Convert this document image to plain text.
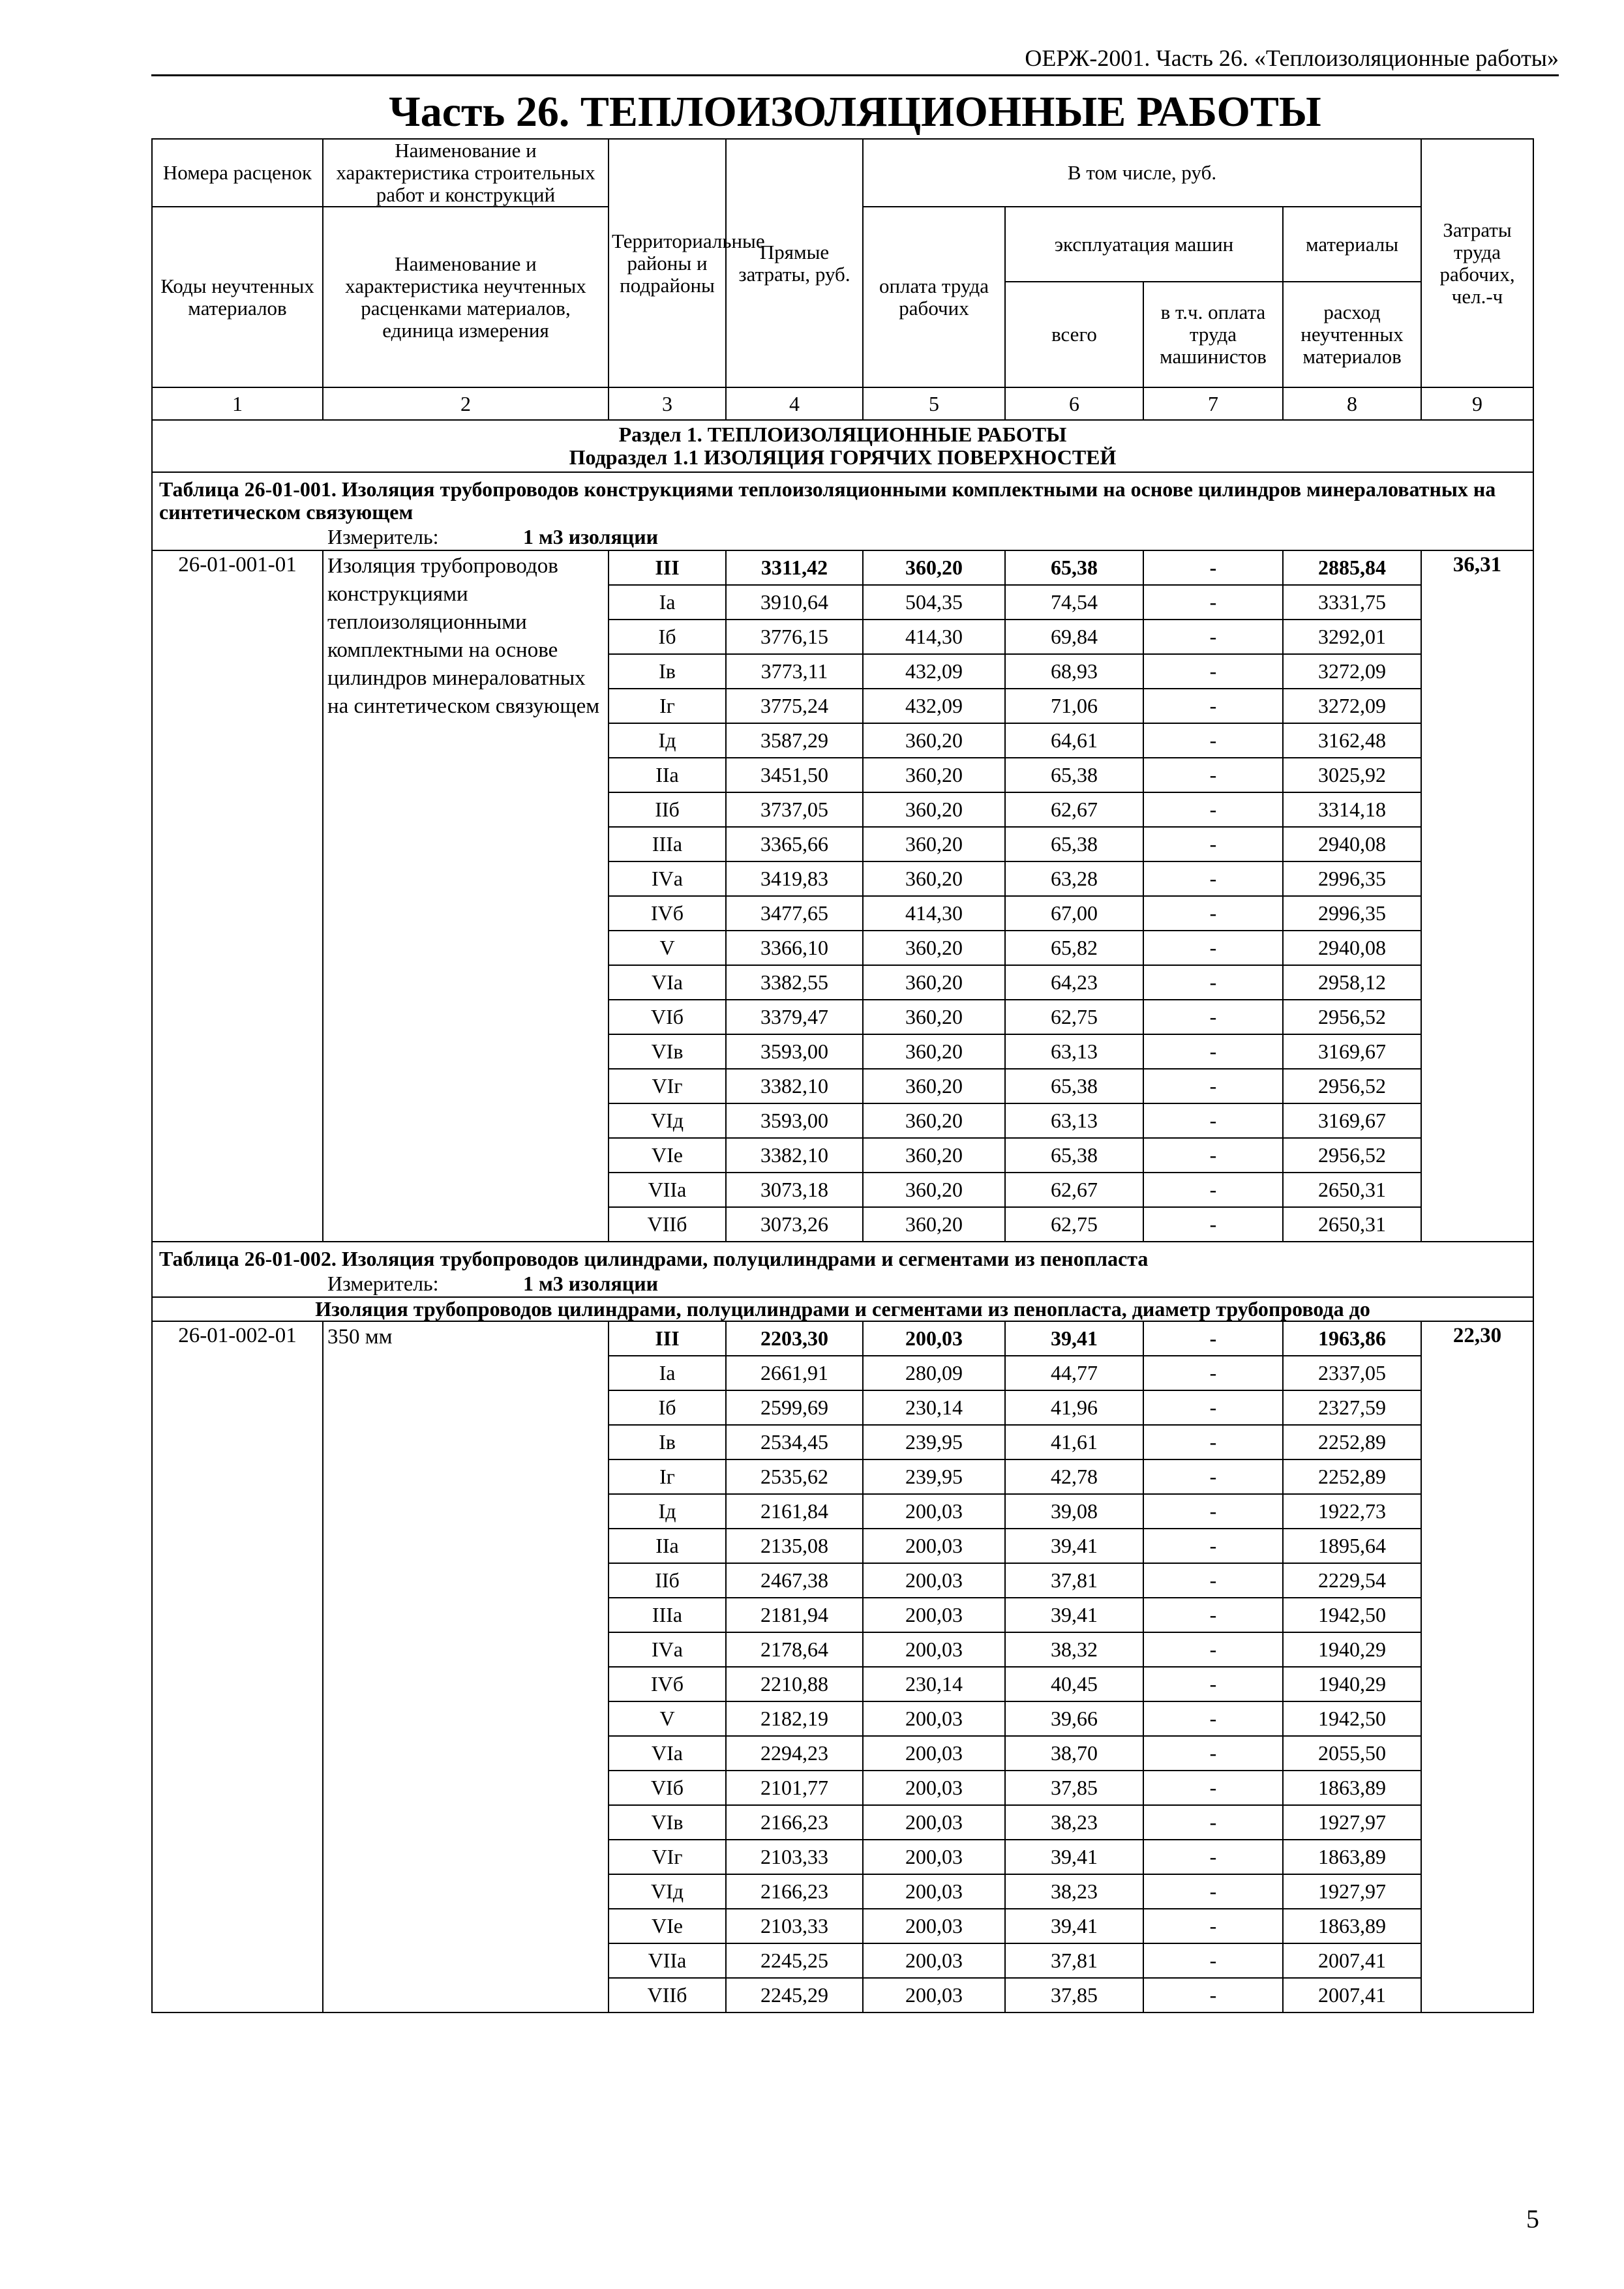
ОЕРЖ-2001. Часть 26. «Теплоизоляционные работы»
Часть 26. ТЕПЛОИЗОЛЯЦИОННЫЕ РАБОТЫ
Номера расценок	Наименование и характеристика строительных работ и конструкций	Территориальные районы и подрайоны	Прямые затраты, руб.	В том числе, руб.				Затраты труда рабочих, чел.-ч
Коды неучтенных материалов	Наименование и характеристика неучтенных расценками материалов, единица измерения			оплата труда рабочих	эксплуатация машин		материалы	
					всего	в т.ч. оплата труда машинистов	расход неучтенных материалов	
1	2	3	4	5	6	7	8	9

Раздел 1. ТЕПЛОИЗОЛЯЦИОННЫЕ РАБОТЫ
Подраздел 1.1 ИЗОЛЯЦИЯ ГОРЯЧИХ ПОВЕРХНОСТЕЙ								

Таблица 26-01-001. Изоляция трубопроводов конструкциями теплоизоляционными комплектными на основе цилиндров минераловатных на синтетическом связующем								

Измеритель: 1 м3 изоляции								

26-01-001-01	Изоляция трубопроводов конструкциями теплоизоляционными комплектными на основе цилиндров минераловатных на синтетическом связующем	III	3311,42	360,20	65,38	-	2885,84	36,31
		Iа	3910,64	504,35	74,54	-	3331,75	
		Iб	3776,15	414,30	69,84	-	3292,01	
		Iв	3773,11	432,09	68,93	-	3272,09	
		Iг	3775,24	432,09	71,06	-	3272,09	
		Iд	3587,29	360,20	64,61	-	3162,48	
		IIа	3451,50	360,20	65,38	-	3025,92	
		IIб	3737,05	360,20	62,67	-	3314,18	
		IIIа	3365,66	360,20	65,38	-	2940,08	
		IVа	3419,83	360,20	63,28	-	2996,35	
		IVб	3477,65	414,30	67,00	-	2996,35	
		V	3366,10	360,20	65,82	-	2940,08	
		VIа	3382,55	360,20	64,23	-	2958,12	
		VIб	3379,47	360,20	62,75	-	2956,52	
		VIв	3593,00	360,20	63,13	-	3169,67	
		VIг	3382,10	360,20	65,38	-	2956,52	
		VIд	3593,00	360,20	63,13	-	3169,67	
		VIе	3382,10	360,20	65,38	-	2956,52	
		VIIа	3073,18	360,20	62,67	-	2650,31	
		VIIб	3073,26	360,20	62,75	-	2650,31	
Таблица 26-01-002. Изоляция трубопроводов цилиндрами, полуцилиндрами и сегментами из пенопласта								

Измеритель: 1 м3 изоляции								

Изоляция трубопроводов цилиндрами, полуцилиндрами и сегментами из пенопласта, диаметр трубопровода до								
26-01-002-01	350 мм	III	2203,30	200,03	39,41	-	1963,86	22,30
		Iа	2661,91	280,09	44,77	-	2337,05	
		Iб	2599,69	230,14	41,96	-	2327,59	
		Iв	2534,45	239,95	41,61	-	2252,89	
		Iг	2535,62	239,95	42,78	-	2252,89	
		Iд	2161,84	200,03	39,08	-	1922,73	
		IIа	2135,08	200,03	39,41	-	1895,64	
		IIб	2467,38	200,03	37,81	-	2229,54	
		IIIа	2181,94	200,03	39,41	-	1942,50	
		IVа	2178,64	200,03	38,32	-	1940,29	
		IVб	2210,88	230,14	40,45	-	1940,29	
		V	2182,19	200,03	39,66	-	1942,50	
		VIа	2294,23	200,03	38,70	-	2055,50	
		VIб	2101,77	200,03	37,85	-	1863,89	
		VIв	2166,23	200,03	38,23	-	1927,97	
		VIг	2103,33	200,03	39,41	-	1863,89	
		VIд	2166,23	200,03	38,23	-	1927,97	
		VIе	2103,33	200,03	39,41	-	1863,89	
		VIIа	2245,25	200,03	37,81	-	2007,41	
		VIIб	2245,29	200,03	37,85	-	2007,41	
5
